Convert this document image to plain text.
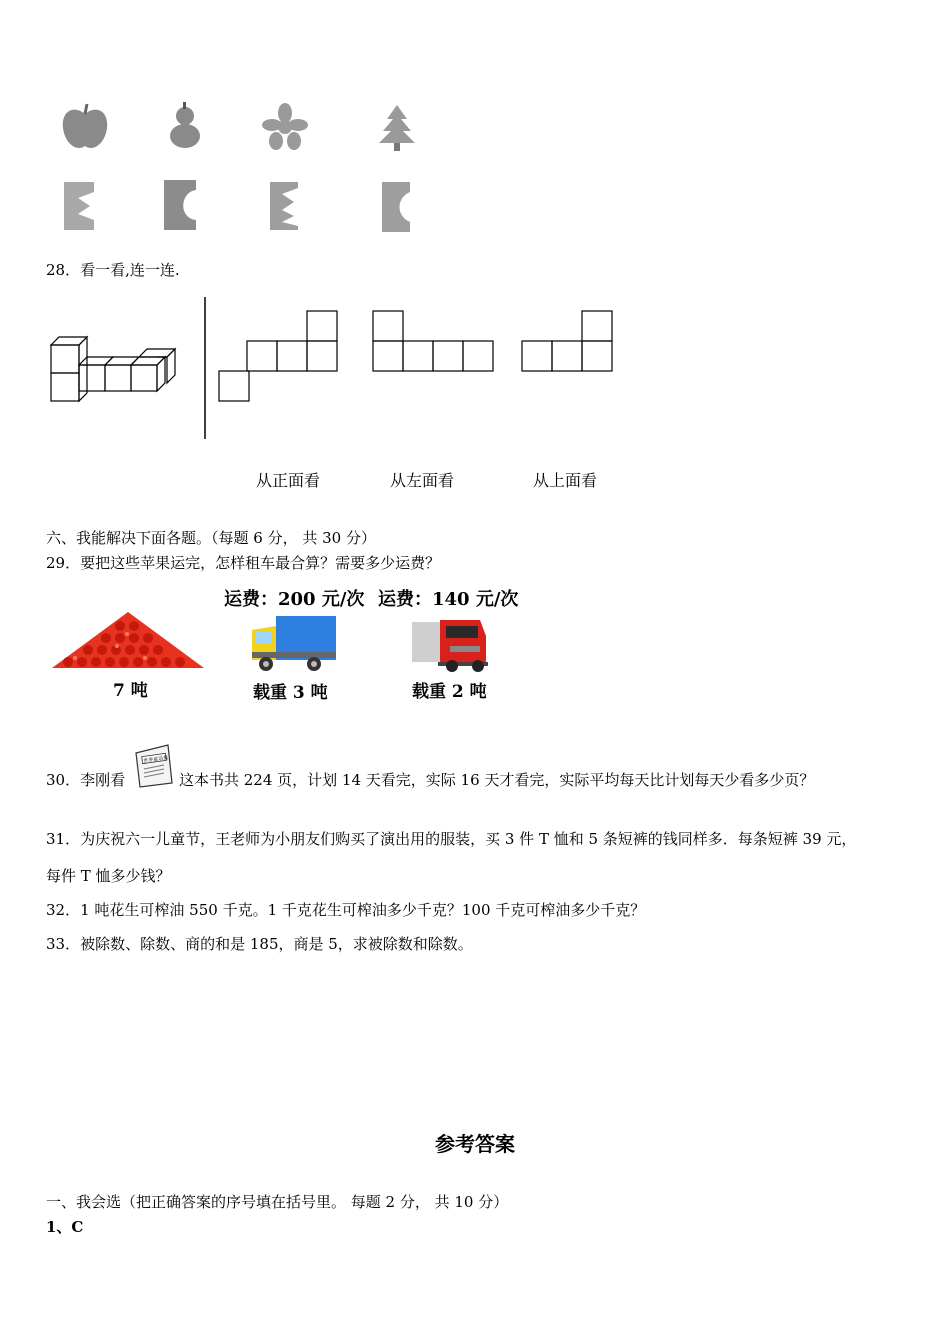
28．看一看,连一连.
从正面看	从左面看	从上面看
六、我能解决下面各题。（每题 6 分， 共 30 分）
29．要把这些苹果运完，怎样租车最合算？需要多少运费？
运费：200 元/次 运费：140 元/次
7 吨	载重 3 吨	载重 2 吨
30．李刚看
世界童话集
这本书共 224 页，计划 14 天看完，实际 16 天才看完，实际平均每天比计划每天少看多少页？
31．为庆祝六一儿童节，王老师为小朋友们购买了演出用的服装，买 3 件 T 恤和 5 条短裤的钱同样多．每条短裤 39 元，
每件 T 恤多少钱？
32．1 吨花生可榨油 550 千克。1 千克花生可榨油多少千克？100 千克可榨油多少千克？
33．被除数、除数、商的和是 185，商是 5，求被除数和除数。
参考答案
一、我会选（把正确答案的序号填在括号里。 每题 2 分， 共 10 分）
1、C
